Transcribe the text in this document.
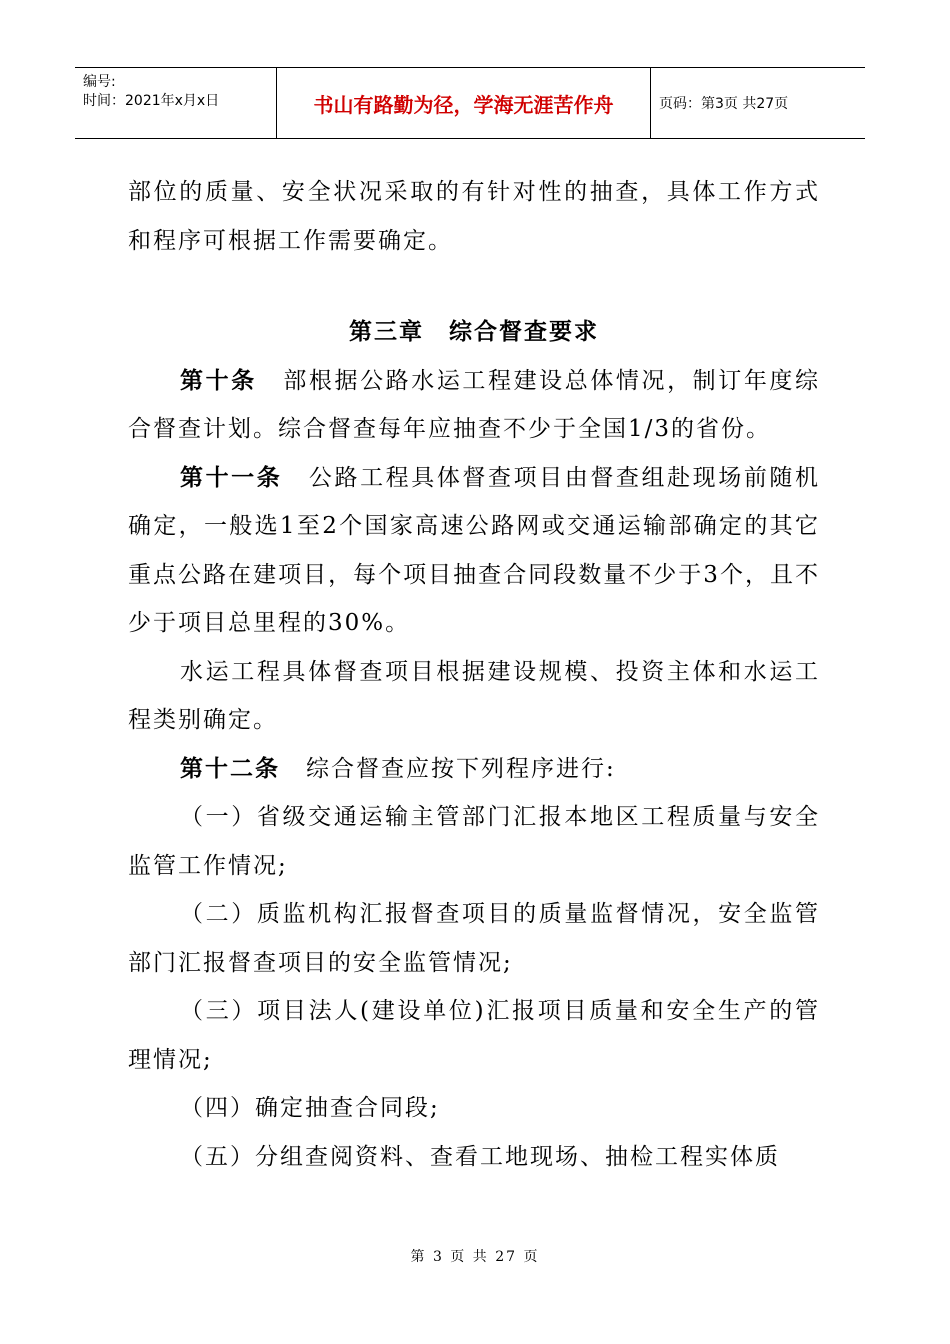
编号:
时间：2021年x月x日	书山有路勤为径，学海无涯苦作舟	页码：第3页 共27页

部位的质量、安全状况采取的有针对性的抽查，具体工作方式和程序可根据工作需要确定。

第三章　综合督查要求

第十条 部根据公路水运工程建设总体情况，制订年度综合督查计划。综合督查每年应抽查不少于全国1/3的省份。

第十一条 公路工程具体督查项目由督查组赴现场前随机确定，一般选1至2个国家高速公路网或交通运输部确定的其它重点公路在建项目，每个项目抽查合同段数量不少于3个，且不少于项目总里程的30%。

水运工程具体督查项目根据建设规模、投资主体和水运工程类别确定。

第十二条 综合督查应按下列程序进行:

（一）省级交通运输主管部门汇报本地区工程质量与安全监管工作情况;

（二）质监机构汇报督查项目的质量监督情况，安全监管部门汇报督查项目的安全监管情况;

（三）项目法人(建设单位)汇报项目质量和安全生产的管理情况;

（四）确定抽查合同段;

（五）分组查阅资料、查看工地现场、抽检工程实体质

第 3 页 共 27 页
